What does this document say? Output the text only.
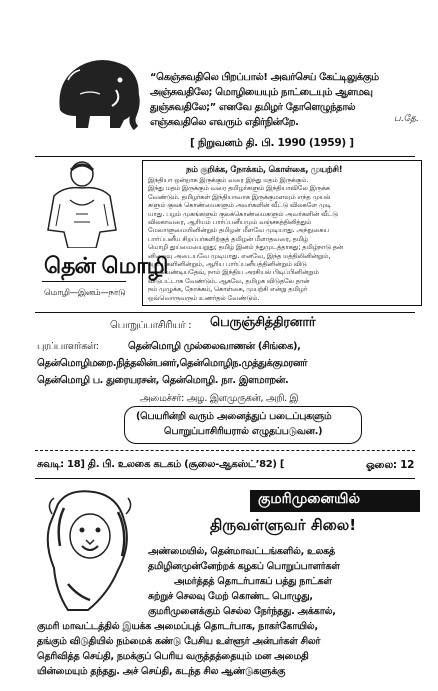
“கெஞ்சுவதிலெ பிறப்பால்! அவர்செய் கேட்டிலுக்கும்
அஞ்சுவதிலே; மொழியையும் நாட்டையும் ஆளமவு
துஞ்சுவதிலே;” எனவே தமிழர் தோளெழுந்தால்
எஞ்சுவதிலெ எவரும் எதிர்நின்றே.	ப.தே.
[ நிறுவனம் தி. பி. 1990 (1959) ]
தென் மொழி
மொழி—இனம்—நாடு
நம் குறிக்க, நோக்கம், கொள்கை, முயற்சி!
இந்தியா ஒன்றாக இருக்கும் வரை இந்து மதம் இருக்கும்.
இந்து மதம் இருக்கும் வரை தமிழர்களும் இந்தியாவிலே இருக்க
வேண்டும். தமிழர்கள் இந்தியாவாக இருக்குமளவும் எந்த முயல்
களும் குலக் கொண்மைகளும் அவர்களின் வீட்டு விலகளே முடி
யாது. பழம் முகங்களும் குலக்கொண்மைகளும் அவர்களின் வீட்டு
விலகாவரை, ஆரியம் பார்ப்பனீயமும் வஞ்சகத்தினித்தும்
மேலாளுமையினின்றும் தமிழன் மீளவே முடியாது. அந்நுகைய
பார்ப்பனீய சிறப்பர்களிற்குத் தமிழன் மீளாதவரை, தமிழ்
மொழி துய்மையைறுது; தமிழ் இனம் ந்துமுடத்தாகது; தமிழ்நாடு தன்
னிறைவு அடையவே முடியாது. எனவே, இந்த மத்திலினின்றும்,
கழப்புகளினின்றும், ஆரிய பார்ப்பனீயத்தினின்றும் விடு
பட வேண்டியதேவ், நாம் இந்திய அரசியல் பிடிப்பினின்றும்
விடுபட்டாக வேண்டும். ஆகவே, தமிழக விடுதலே தான்
நம் முழுக்க, நோக்கம், கொள்கை, முயற்சி என்று தமிழர்
ஒவ்வொருவரும் உணர்தல் வேண்டும்.
பொறுப்பாசிரியர் : பெருஞ்சித்திரனார்
புரப்பாளர்கள்:	தென்மொழி முல்லைவாணன் (சிங்கை),
தென்மொழிமறை.நித்தலின்பனர்,தென்மொழிந.முத்துக்குமரனர்
தென்மொழி ப. துரையரசன், தென்மொழி. நா. இளமாறன்.
அமைச்சர்: அழ. இளமுருகன், அறி. இ
(பெயரின்றி வரும் அனைத்துப் படைப்புகளும்
பொறுப்பாசிரியரால் எழுதப்படுவன.)
சுவடி: 18] தி. பி. உலகை கடகம் (சூலை-ஆகஸ்ட்’82) [	ஓலை: 12
குமரிமுனையில்
திருவள்ளுவர் சிலை!
அண்மையில், தென்மாவட்டங்களில், உலகத்
தமிழினமுன்னேற்றக் கழகப் பொறுப்பாளர்கள்
அமர்த்தத் தொடர்பாகப் பத்து நாட்கள்
சுற்றுச் செலவு மேற் கொண்ட பொழுது,
குமரிமுனைக்கும் செல்ல நேர்ந்தது. அக்கால்,
குமரி மாவட்டத்தில் இயக்க அமைப்புத் தொடர்பாக, நாகர்கோயில்,
தங்கும் விடுதியில் நம்மைக் கண்டு பேசிய உள்ளூர் அன்பர்கள் சிலர்
தெரிவித்த செய்தி, நமக்குப் பெரிய வருத்தத்தையும் மன அமைதி
யின்மையும் தந்தது. அச் செய்தி, கடந்த சில ஆண்டுகளுக்கு
